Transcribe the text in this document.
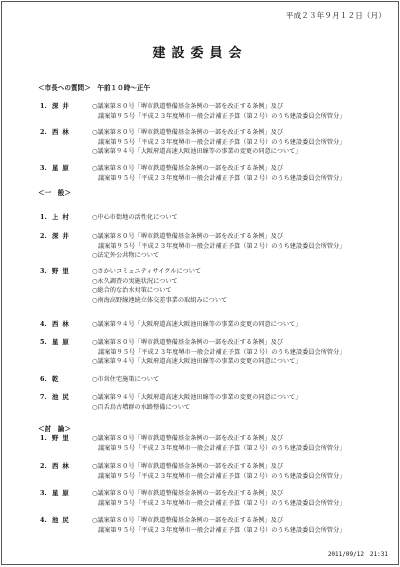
平成２３年９月１２日（月）
建設委員会
＜市長への質問＞　午前１０時～正午
1. 深井	○議案第８０号「堺市鉄道整備基金条例の一部を改正する条例」及び
議案第９５号「平成２３年度堺市一般会計補正予算（第２号）のうち建設委員会所管分」
2. 西林	○議案第８０号「堺市鉄道整備基金条例の一部を改正する条例」及び
議案第９５号「平成２３年度堺市一般会計補正予算（第２号）のうち建設委員会所管分」
○議案第９４号「大阪府道高速大阪池田線等の事業の変更の同意について」
3. 星原	○議案第８０号「堺市鉄道整備基金条例の一部を改正する条例」及び
議案第９５号「平成２３年度堺市一般会計補正予算（第２号）のうち建設委員会所管分」
＜一　般＞
1. 上村	○中心市街地の活性化について
2. 深井	○議案第８０号「堺市鉄道整備基金条例の一部を改正する条例」及び
議案第９５号「平成２３年度堺市一般会計補正予算（第２号）のうち建設委員会所管分」
○法定外公共物について
3. 野里	○さかいコミュニティサイクルについて
○永久調査の実施状況について
○総合的な治水対策について
○南海高野線連続立体交差事業の取組みについて
4. 西林	○議案第９４号「大阪府道高速大阪池田線等の事業の変更の同意について」
5. 星原	○議案第８０号「堺市鉄道整備基金条例の一部を改正する条例」及び
議案第９５号「平成２３年度堺市一般会計補正予算（第２号）のうち建設委員会所管分」
○議案第９４号「大阪府道高速大阪池田線等の事業の変更の同意について」
6. 乾	○市営住宅施策について
7. 池尻	○議案第９４号「大阪府道高速大阪池田線等の事業の変更の同意について」
○百舌鳥古墳群の水路整備について
＜討　論＞
1. 野里	○議案第８０号「堺市鉄道整備基金条例の一部を改正する条例」及び
議案第９５号「平成２３年度堺市一般会計補正予算（第２号）のうち建設委員会所管分」
2. 西林	○議案第８０号「堺市鉄道整備基金条例の一部を改正する条例」及び
議案第９５号「平成２３年度堺市一般会計補正予算（第２号）のうち建設委員会所管分」
3. 星原	○議案第８０号「堺市鉄道整備基金条例の一部を改正する条例」及び
議案第９５号「平成２３年度堺市一般会計補正予算（第２号）のうち建設委員会所管分」
4. 池尻	○議案第８０号「堺市鉄道整備基金条例の一部を改正する条例」及び
議案第９５号「平成２３年度堺市一般会計補正予算（第２号）のうち建設委員会所管分」
2011/09/12　21:31
